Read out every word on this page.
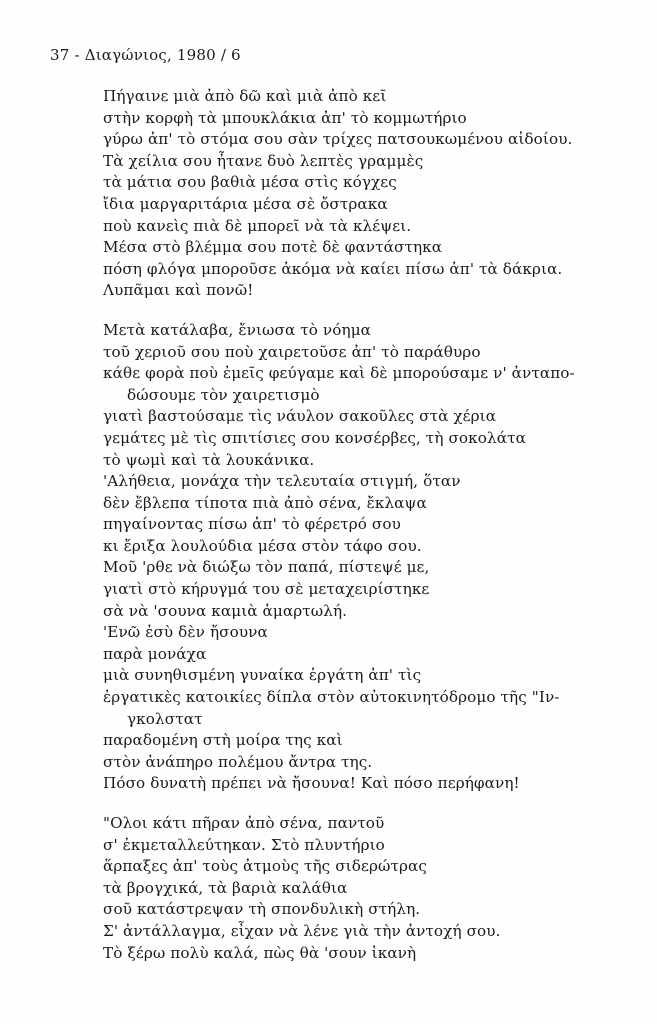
37 - Διαγώνιος, 1980 / 6
Πήγαινε μιὰ ἀπὸ δῶ καὶ μιὰ ἀπὸ κεῖ
στὴν κορφὴ τὰ μπουκλάκια ἀπ' τὸ κομμωτήριο
γύρω ἀπ' τὸ στόμα σου σὰν τρίχες πατσουκωμένου αἰδοίου.
Τὰ χείλια σου ἦτανε δυὸ λεπτὲς γραμμὲς
τὰ μάτια σου βαθιὰ μέσα στὶς κόγχες
ἴδια μαργαριτάρια μέσα σὲ ὄστρακα
ποὺ κανεὶς πιὰ δὲ μπορεῖ νὰ τὰ κλέψει.
Μέσα στὸ βλέμμα σου ποτὲ δὲ φαντάστηκα
πόση φλόγα μποροῦσε ἀκόμα νὰ καίει πίσω ἀπ' τὰ δάκρια.
Λυπᾶμαι καὶ πονῶ!
Μετὰ κατάλαβα, ἔνιωσα τὸ νόημα
τοῦ χεριοῦ σου ποὺ χαιρετοῦσε ἀπ' τὸ παράθυρο
κάθε φορὰ ποὺ ἐμεῖς φεύγαμε καὶ δὲ μπορούσαμε ν' ἀνταπο-
δώσουμε τὸν χαιρετισμὸ
γιατὶ βαστούσαμε τὶς νάυλον σακοῦλες στὰ χέρια
γεμάτες μὲ τὶς σπιτίσιες σου κονσέρβες, τὴ σοκολάτα
τὸ ψωμὶ καὶ τὰ λουκάνικα.
'Αλήθεια, μονάχα τὴν τελευταία στιγμή, ὅταν
δὲν ἔβλεπα τίποτα πιὰ ἀπὸ σένα, ἔκλαψα
πηγαίνοντας πίσω ἀπ' τὸ φέρετρό σου
κι ἔριξα λουλούδια μέσα στὸν τάφο σου.
Μοῦ 'ρθε νὰ διώξω τὸν παπά, πίστεψέ με,
γιατὶ στὸ κήρυγμά του σὲ μεταχειρίστηκε
σὰ νὰ 'σουνα καμιὰ ἁμαρτωλή.
'Ενῶ ἐσὺ δὲν ἤσουνα
παρὰ μονάχα
μιὰ συνηθισμένη γυναίκα ἐργάτη ἀπ' τὶς
ἐργατικὲς κατοικίες δίπλα στὸν αὐτοκινητόδρομο τῆς "Ιν-
γκολστατ
παραδομένη στὴ μοίρα της καὶ
στὸν ἀνάπηρο πολέμου ἄντρα της.
Πόσο δυνατὴ πρέπει νὰ ἤσουνα! Καὶ πόσο περήφανη!
"Ολοι κάτι πῆραν ἀπὸ σένα, παντοῦ
σ' ἐκμεταλλεύτηκαν. Στὸ πλυντήριο
ἅρπαξες ἀπ' τοὺς ἀτμοὺς τῆς σιδερώτρας
τὰ βρογχικά, τὰ βαριὰ καλάθια
σοῦ κατάστρεψαν τὴ σπονδυλικὴ στήλη.
Σ' ἀντάλλαγμα, εἶχαν νὰ λένε γιὰ τὴν ἀντοχή σου.
Τὸ ξέρω πολὺ καλά, πὼς θὰ 'σουν ἱκανὴ
